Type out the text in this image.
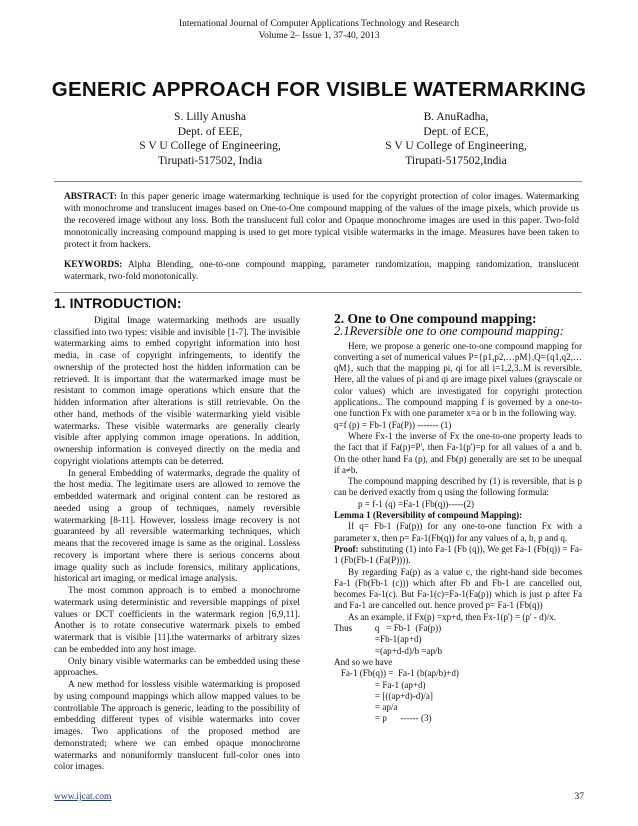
International Journal of Computer Applications Technology and Research
Volume 2– Issue 1, 37-40, 2013
GENERIC APPROACH FOR VISIBLE WATERMARKING
S. Lilly Anusha
Dept. of EEE,
S V U College of Engineering,
Tirupati-517502, India
B. AnuRadha,
Dept. of ECE,
S V U College of Engineering,
Tirupati-517502,India

ABSTRACT: In this paper generic image watermarking technique is used for the copyright protection of color images. Watermarking with monochrome and translucent images based on One-to-One compound mapping of the values of the image pixels, which provide us the recovered image without any loss. Both the translucent full color and Opaque monochrome images are used in this paper. Two-fold monotonically increasing compound mapping is used to get more typical visible watermarks in the image. Measures have been taken to protect it from hackers.

KEYWORDS: Alpha Blending, one-to-one compound mapping, parameter randomization, mapping randomization, translucent watermark, two-fold monotonically.

1. INTRODUCTION:

Digital Image watermarking methods are usually classified into two types: visible and invisible [1-7]. The invisible watermarking aims to embed copyright information into host media, in case of copyright infringements, to identify the ownership of the protected host the hidden information can be retrieved. It is important that the watermarked image must be resistant to common image operations which ensure that the hidden information after alterations is still retrievable. On the other hand, methods of the visible watermarking yield visible watermarks. These visible watermarks are generally clearly visible after applying common image operations. In addition, ownership information is conveyed directly on the media and copyright violations attempts can be deterred.

In general Embedding of watermarks, degrade the quality of the host media. The legitimate users are allowed to remove the embedded watermark and original content can be restored as needed using a group of techniques, namely reversible watermarking [8-11]. However, lossless image recovery is not guaranteed by all reversible watermarking techniques, which means that the recovered image is same as the original. Lossless recovery is important where there is serious concerns about image quality such as include forensics, military applications, historical art imaging, or medical image analysis.

The most common approach is to embed a monochrome watermark using deterministic and reversible mappings of pixel values or DCT coefficients in the watermark region [6,9,11]. Another is to rotate consecutive watermark pixels to embed watermark that is visible [11].the watermarks of arbitrary sizes can be embedded into any host image.

Only binary visible watermarks can be embedded using these approaches.

A new method for lossless visible watermarking is proposed by using compound mappings which allow mapped values to be controllable The approach is generic, leading to the possibility of embedding different types of visible watermarks into cover images. Two applications of the proposed method are demonstrated; where we can embed opaque monochrome watermarks and nonuniformly translucent full-color ones into color images.

2. One to One compound mapping:
2.1Reversible one to one compound mapping:

Here, we propose a generic one-to-one compound mapping for converting a set of numerical values P={p1,p2,…pM},Q={q1,q2,…qM}, such that the mapping pi, qi for all i=1,2,3..M is reversible. Here, all the values of pi and qi are image pixel values (grayscale or color values) which are investigated for copyright protection applications.. The compound mapping f is governed by a one-to-one function Fx with one parameter x=a or b in the following way.

q=f (p) = Fb-1 (Fa(P)) ------- (1)

Where Fx-1 the inverse of Fx the one-to-one property leads to the fact that if Fa(p)=P', then Fa-1(p')=p for all values of a and b. On the other hand Fa (p), and Fb(p) generally are set to be unequal if a≠b.

The compound mapping described by (1) is reversible, that is p can be derived exactly from q using the following formula:

p = f-1 (q) =Fa-1 (Fb(q))-----(2)

Lemma 1 (Reversibility of compound Mapping):

If q= Fb-1 (Fa(p)) for any one-to-one function Fx with a parameter x, then p= Fa-1(Fb(q)) for any values of a, b, p and q.

Proof: substituting (1) into Fa-1 (Fb (q)), We get Fa-1 (Fb(q)) = Fa-1 (Fb(Fb-1 (Fa(P)))).

By regarding Fa(p) as a value c, the right-hand side becomes Fa-1 (Fb(Fb-1 (c))) which after Fb and Fb-1 are cancelled out, becomes Fa-1(c). But Fa-1(c)=Fa-1(Fa(p)) which is just p after Fa and Fa-1 are cancelled out. hence proved p= Fa-1 (Fb(q))

As an example, if Fx(p) =xp+d, then Fx-1(p') = (p' - d)/x.

Thus          q   = Fb-1  (Fa(p))

=Fb-1(ap+d)

=(ap+d-d)/b =ap/b

And so we have

Fa-1 (Fb(q)) =  Fa-1 (b(ap/b)+d)

= Fa-1 (ap+d)

= [((ap+d)-d)/a]

= ap/a

= p      ------ (3)

www.ijcat.com	37
